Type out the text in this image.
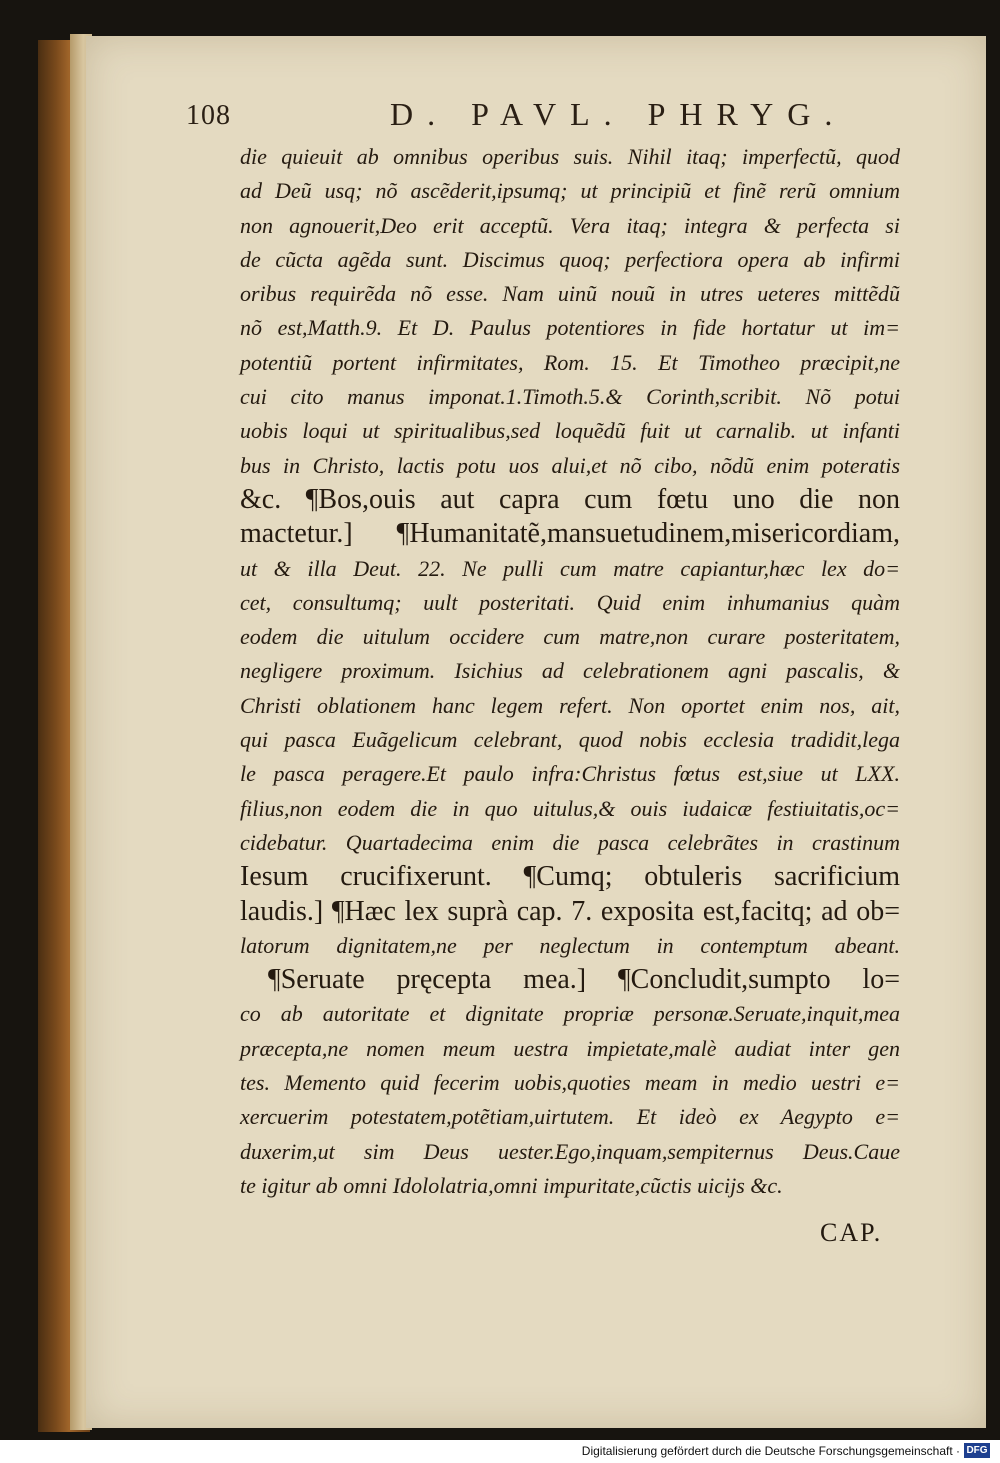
108	D. PAVL. PHRYG.
die quieuit ab omnibus operibus suis. Nihil itaq; imperfectũ, quod
ad Deũ usq; nõ ascẽderit,ipsumq; ut principiũ et finẽ rerũ omnium
non agnouerit,Deo erit acceptũ. Vera itaq; integra & perfecta si
de cũcta agẽda sunt. Discimus quoq; perfectiora opera ab infirmi
oribus requirẽda nõ esse. Nam uinũ nouũ in utres ueteres mittẽdũ
nõ est,Matth.9. Et D. Paulus potentiores in fide hortatur ut im=
potentiũ portent infirmitates, Rom. 15. Et Timotheo præcipit,ne
cui cito manus imponat.1.Timoth.5.& Corinth,scribit. Nõ potui
uobis loqui ut spiritualibus,sed loquẽdũ fuit ut carnalib. ut infanti
bus in Christo, lactis potu uos alui,et nõ cibo, nõdũ enim poteratis
&c. ¶Bos,ouis aut capra cum fœtu uno die non
mactetur.] ¶Humanitatẽ,mansuetudinem,misericordiam,
ut & illa Deut. 22. Ne pulli cum matre capiantur,hæc lex do=
cet, consultumq; uult posteritati. Quid enim inhumanius quàm
eodem die uitulum occidere cum matre,non curare posteritatem,
negligere proximum. Isichius ad celebrationem agni pascalis, &
Christi oblationem hanc legem refert. Non oportet enim nos, ait,
qui pasca Euãgelicum celebrant, quod nobis ecclesia tradidit,lega
le pasca peragere.Et paulo infra:Christus fœtus est,siue ut LXX.
filius,non eodem die in quo uitulus,& ouis iudaicæ festiuitatis,oc=
cidebatur. Quartadecima enim die pasca celebrãtes in crastinum
Iesum crucifixerunt. ¶Cumq; obtuleris sacrificium
laudis.] ¶Hæc lex suprà cap. 7. exposita est,facitq; ad ob=
latorum dignitatem,ne per neglectum in contemptum abeant.
¶Seruate pręcepta mea.] ¶Concludit,sumpto lo=
co ab autoritate et dignitate propriæ personæ.Seruate,inquit,mea
præcepta,ne nomen meum uestra impietate,malè audiat inter gen
tes. Memento quid fecerim uobis,quoties meam in medio uestri e=
xercuerim potestatem,potẽtiam,uirtutem. Et ideò ex Aegypto e=
duxerim,ut sim Deus uester.Ego,inquam,sempiternus Deus.Caue
te igitur ab omni Idololatria,omni impuritate,cũctis uicijs &c.
CAP.
Digitalisierung gefördert durch die Deutsche Forschungsgemeinschaft · DFG
